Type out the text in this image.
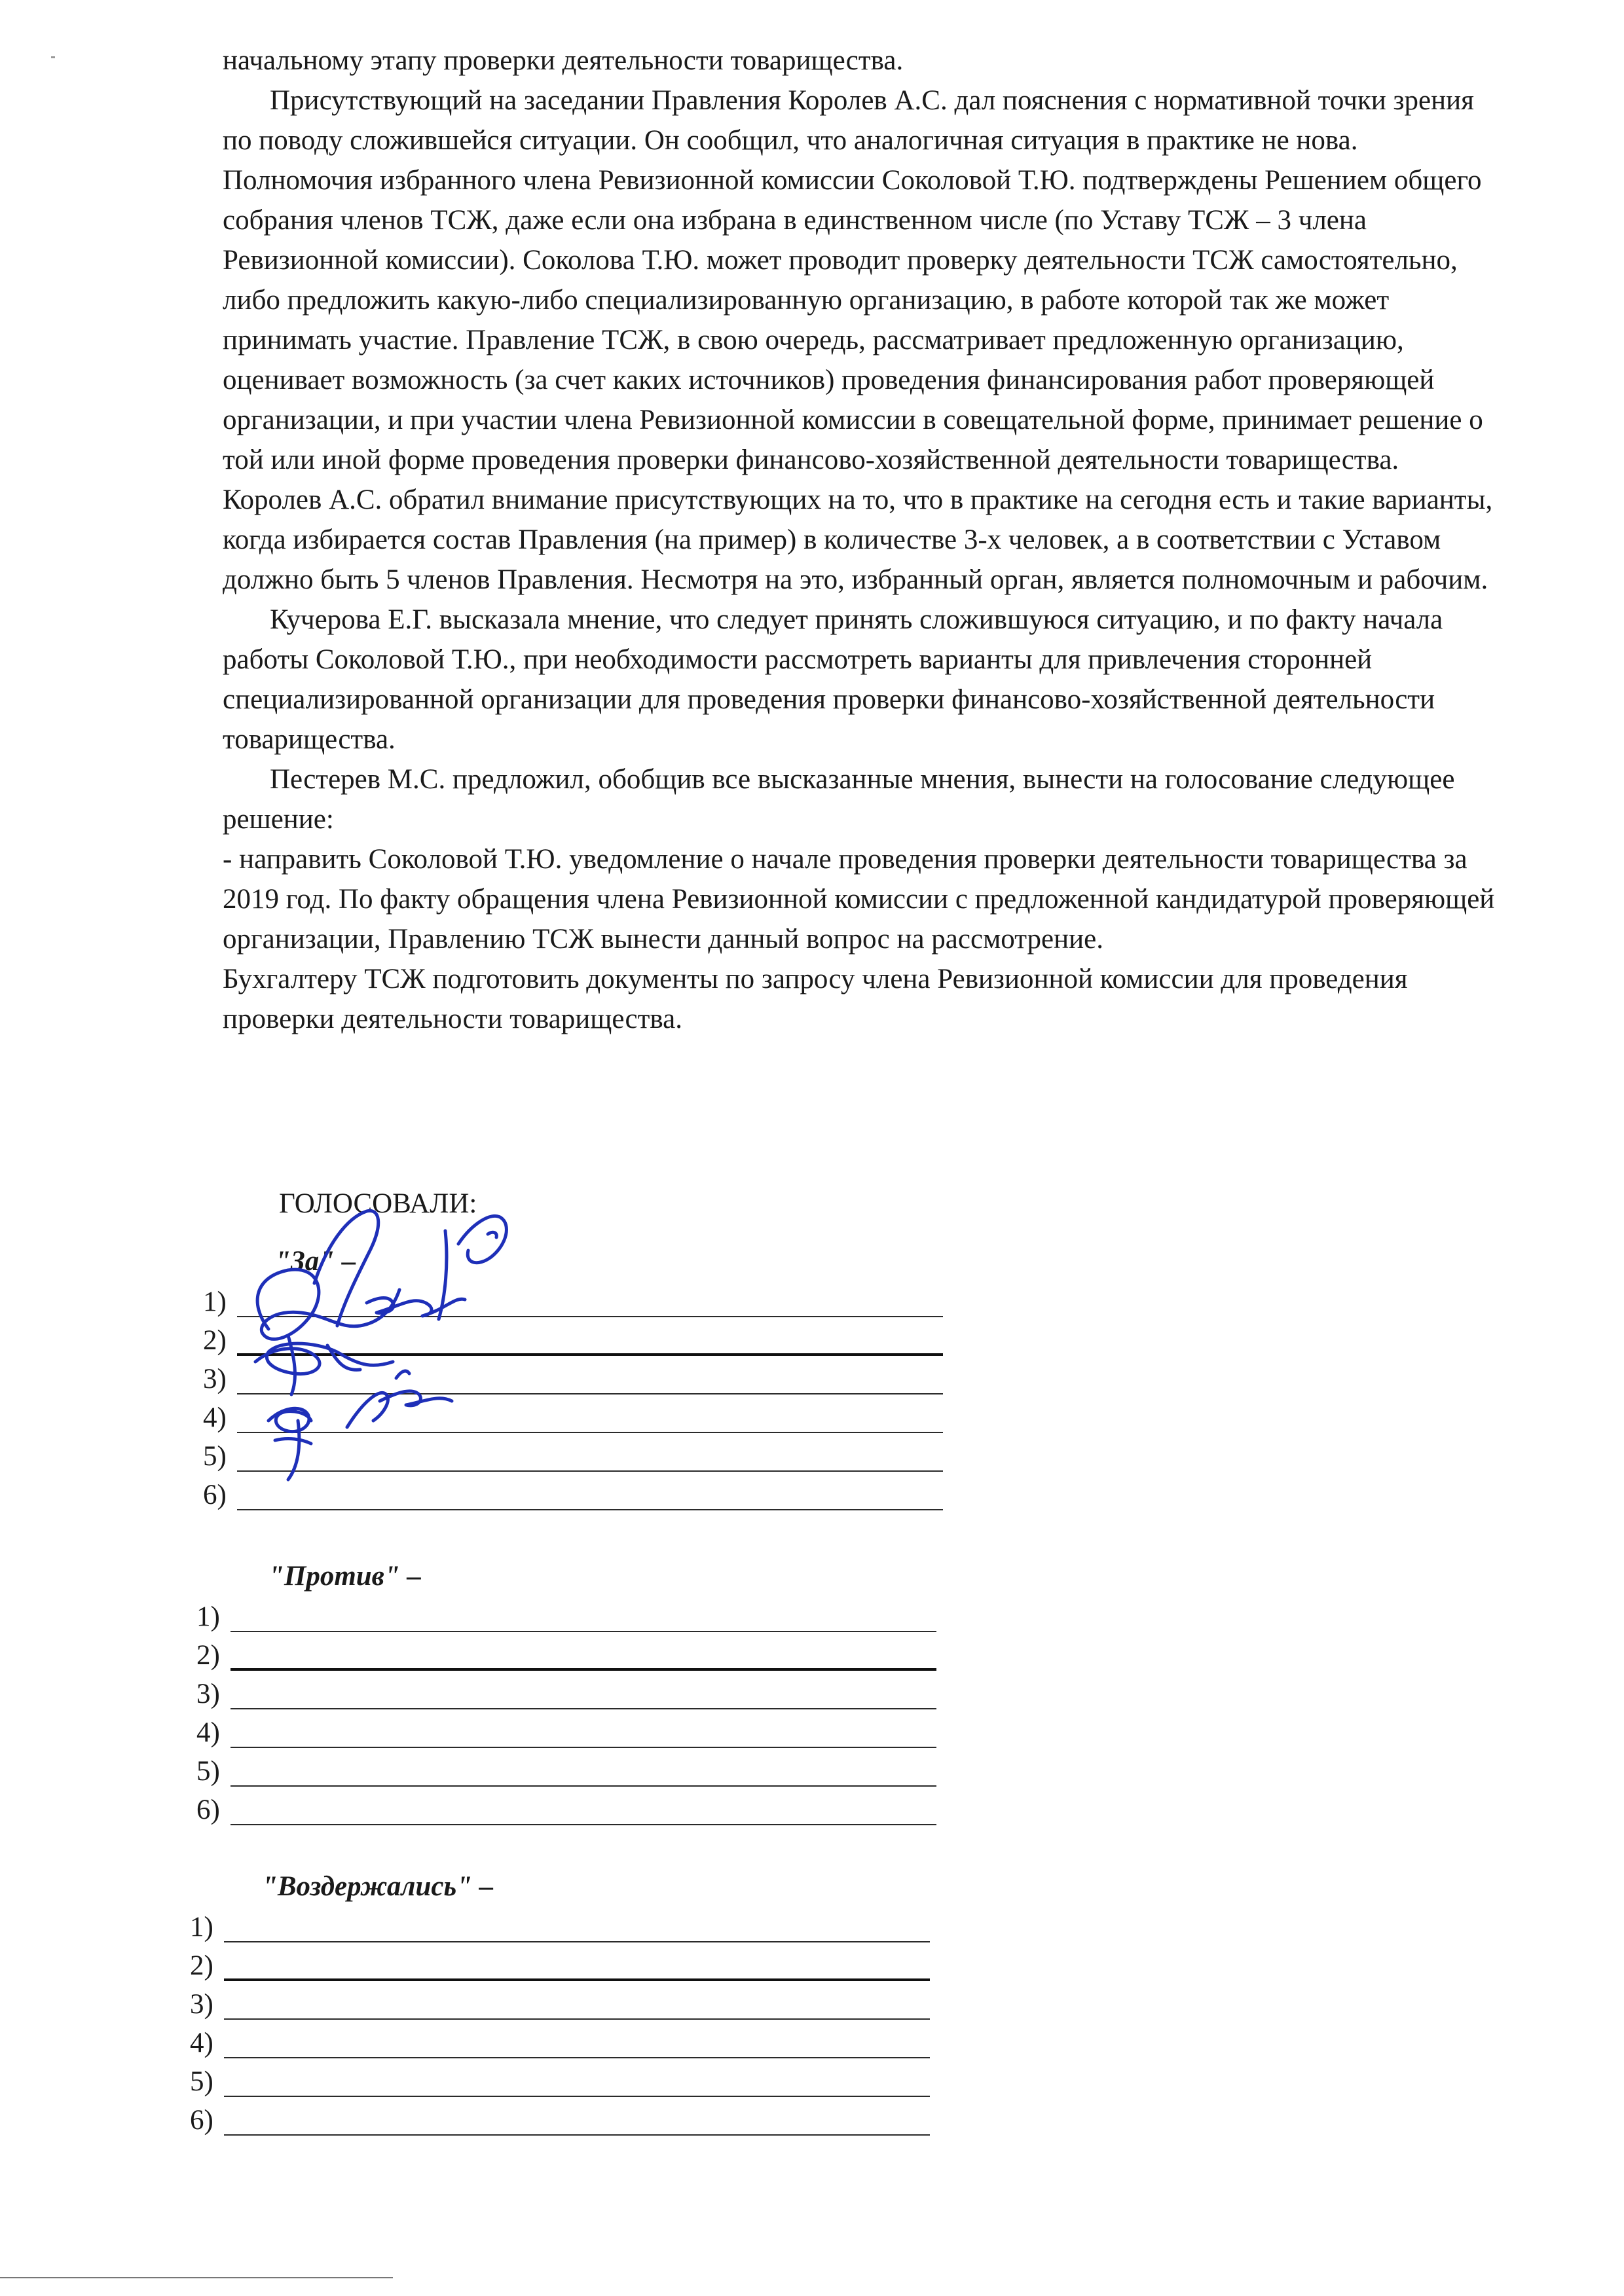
начальному этапу проверки деятельности товарищества.

Присутствующий на заседании Правления Королев А.С. дал пояснения с нормативной точки зрения по поводу сложившейся ситуации. Он сообщил, что аналогичная ситуация в практике не нова. Полномочия избранного члена Ревизионной комиссии Соколовой Т.Ю. подтверждены Решением общего собрания членов ТСЖ, даже если она избрана в единственном числе (по Уставу ТСЖ – 3 члена Ревизионной комиссии). Соколова Т.Ю. может проводит проверку деятельности ТСЖ самостоятельно, либо предложить какую-либо специализированную организацию, в работе которой так же может принимать участие. Правление ТСЖ, в свою очередь, рассматривает предложенную организацию, оценивает возможность (за счет каких источников) проведения финансирования работ проверяющей организации, и при участии члена Ревизионной комиссии в совещательной форме, принимает решение о той или иной форме проведения проверки финансово-хозяйственной деятельности товарищества.

Королев А.С. обратил внимание присутствующих на то, что в практике на сегодня есть и такие варианты, когда избирается состав Правления (на пример) в количестве 3-х человек, а в соответствии с Уставом должно быть 5 членов Правления. Несмотря на это, избранный орган, является полномочным и рабочим.

Кучерова Е.Г. высказала мнение, что следует принять сложившуюся ситуацию, и по факту начала работы Соколовой Т.Ю., при необходимости рассмотреть варианты для привлечения сторонней специализированной организации для проведения проверки финансово-хозяйственной деятельности товарищества.

Пестерев М.С. предложил, обобщив все высказанные мнения, вынести на голосование следующее решение:

- направить Соколовой Т.Ю. уведомление о начале проведения проверки деятельности товарищества за 2019 год. По факту обращения члена Ревизионной комиссии с предложенной кандидатурой проверяющей организации, Правлению ТСЖ вынести данный вопрос на рассмотрение.

Бухгалтеру ТСЖ подготовить документы по запросу члена Ревизионной комиссии для проведения проверки деятельности товарищества.

ГОЛОСОВАЛИ:
"За" –
1)
2)
3)
4)
5)
6)
"Против" –
1)
2)
3)
4)
5)
6)
"Воздержались" –
1)
2)
3)
4)
5)
6)
